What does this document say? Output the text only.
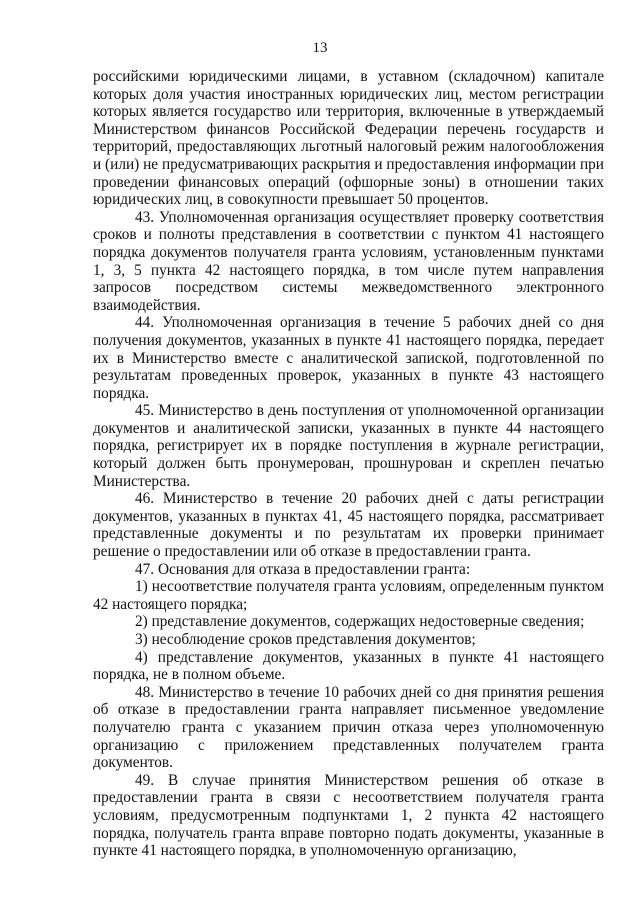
13

российскими юридическими лицами, в уставном (складочном) капитале которых доля участия иностранных юридических лиц, местом регистрации которых является государство или территория, включенные в утверждаемый Министерством финансов Российской Федерации перечень государств и территорий, предоставляющих льготный налоговый режим налогообложения и (или) не предусматривающих раскрытия и предоставления информации при проведении финансовых операций (офшорные зоны) в отношении таких юридических лиц, в совокупности превышает 50 процентов.

43. Уполномоченная организация осуществляет проверку соответствия сроков и полноты представления в соответствии с пунктом 41 настоящего порядка документов получателя гранта условиям, установленным пунктами 1, 3, 5 пункта 42 настоящего порядка, в том числе путем направления запросов посредством системы межведомственного электронного взаимодействия.

44. Уполномоченная организация в течение 5 рабочих дней со дня получения документов, указанных в пункте 41 настоящего порядка, передает их в Министерство вместе с аналитической запиской, подготовленной по результатам проведенных проверок, указанных в пункте 43 настоящего порядка.

45. Министерство в день поступления от уполномоченной организации документов и аналитической записки, указанных в пункте 44 настоящего порядка, регистрирует их в порядке поступления в журнале регистрации, который должен быть пронумерован, прошнурован и скреплен печатью Министерства.

46. Министерство в течение 20 рабочих дней с даты регистрации документов, указанных в пунктах 41, 45 настоящего порядка, рассматривает представленные документы и по результатам их проверки принимает решение о предоставлении или об отказе в предоставлении гранта.

47. Основания для отказа в предоставлении гранта:

1) несоответствие получателя гранта условиям, определенным пунктом 42 настоящего порядка;

2) представление документов, содержащих недостоверные сведения;

3) несоблюдение сроков представления документов;

4) представление документов, указанных в пункте 41 настоящего порядка, не в полном объеме.

48. Министерство в течение 10 рабочих дней со дня принятия решения об отказе в предоставлении гранта направляет письменное уведомление получателю гранта с указанием причин отказа через уполномоченную организацию с приложением представленных получателем гранта документов.

49. В случае принятия Министерством решения об отказе в предоставлении гранта в связи с несоответствием получателя гранта условиям, предусмотренным подпунктами 1, 2 пункта 42 настоящего порядка, получатель гранта вправе повторно подать документы, указанные в пункте 41 настоящего порядка, в уполномоченную организацию,
